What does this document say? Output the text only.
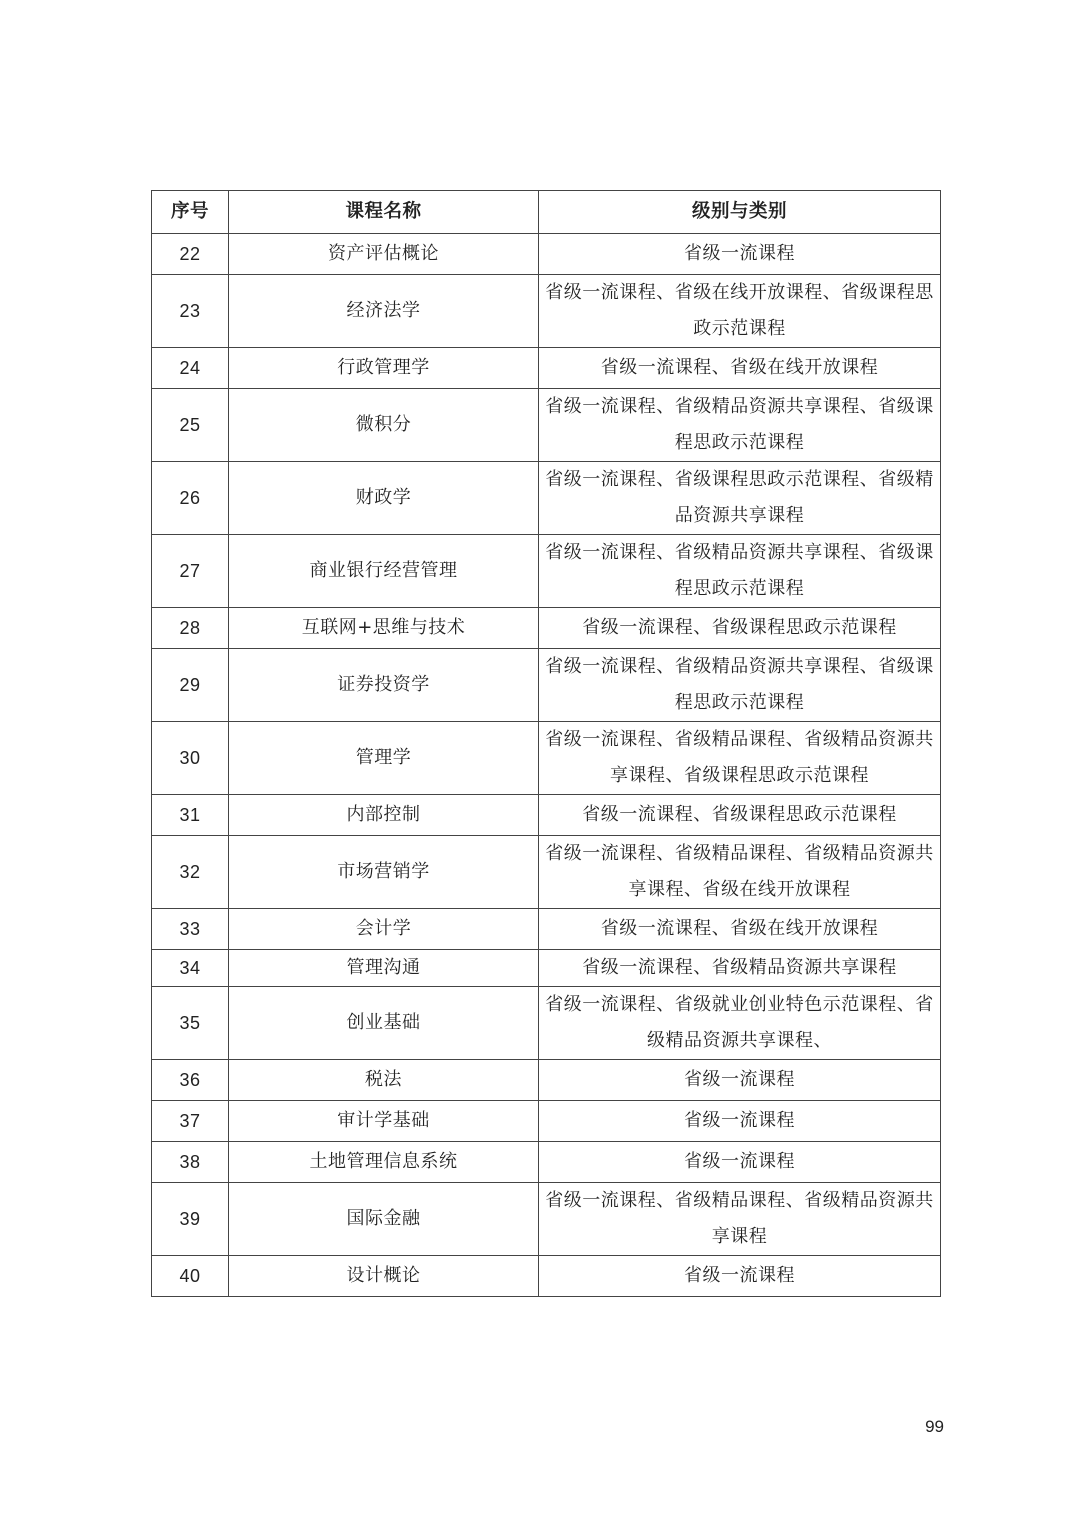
序号	课程名称	级别与类别
22	资产评估概论	省级一流课程
23	经济法学	省级一流课程、省级在线开放课程、省级课程思政示范课程
24	行政管理学	省级一流课程、省级在线开放课程
25	微积分	省级一流课程、省级精品资源共享课程、省级课程思政示范课程
26	财政学	省级一流课程、省级课程思政示范课程、省级精品资源共享课程
27	商业银行经营管理	省级一流课程、省级精品资源共享课程、省级课程思政示范课程
28	互联网+思维与技术	省级一流课程、省级课程思政示范课程
29	证券投资学	省级一流课程、省级精品资源共享课程、省级课程思政示范课程
30	管理学	省级一流课程、省级精品课程、省级精品资源共享课程、省级课程思政示范课程
31	内部控制	省级一流课程、省级课程思政示范课程
32	市场营销学	省级一流课程、省级精品课程、省级精品资源共享课程、省级在线开放课程
33	会计学	省级一流课程、省级在线开放课程
34	管理沟通	省级一流课程、省级精品资源共享课程
35	创业基础	省级一流课程、省级就业创业特色示范课程、省级精品资源共享课程、
36	税法	省级一流课程
37	审计学基础	省级一流课程
38	土地管理信息系统	省级一流课程
39	国际金融	省级一流课程、省级精品课程、省级精品资源共享课程
40	设计概论	省级一流课程
99
